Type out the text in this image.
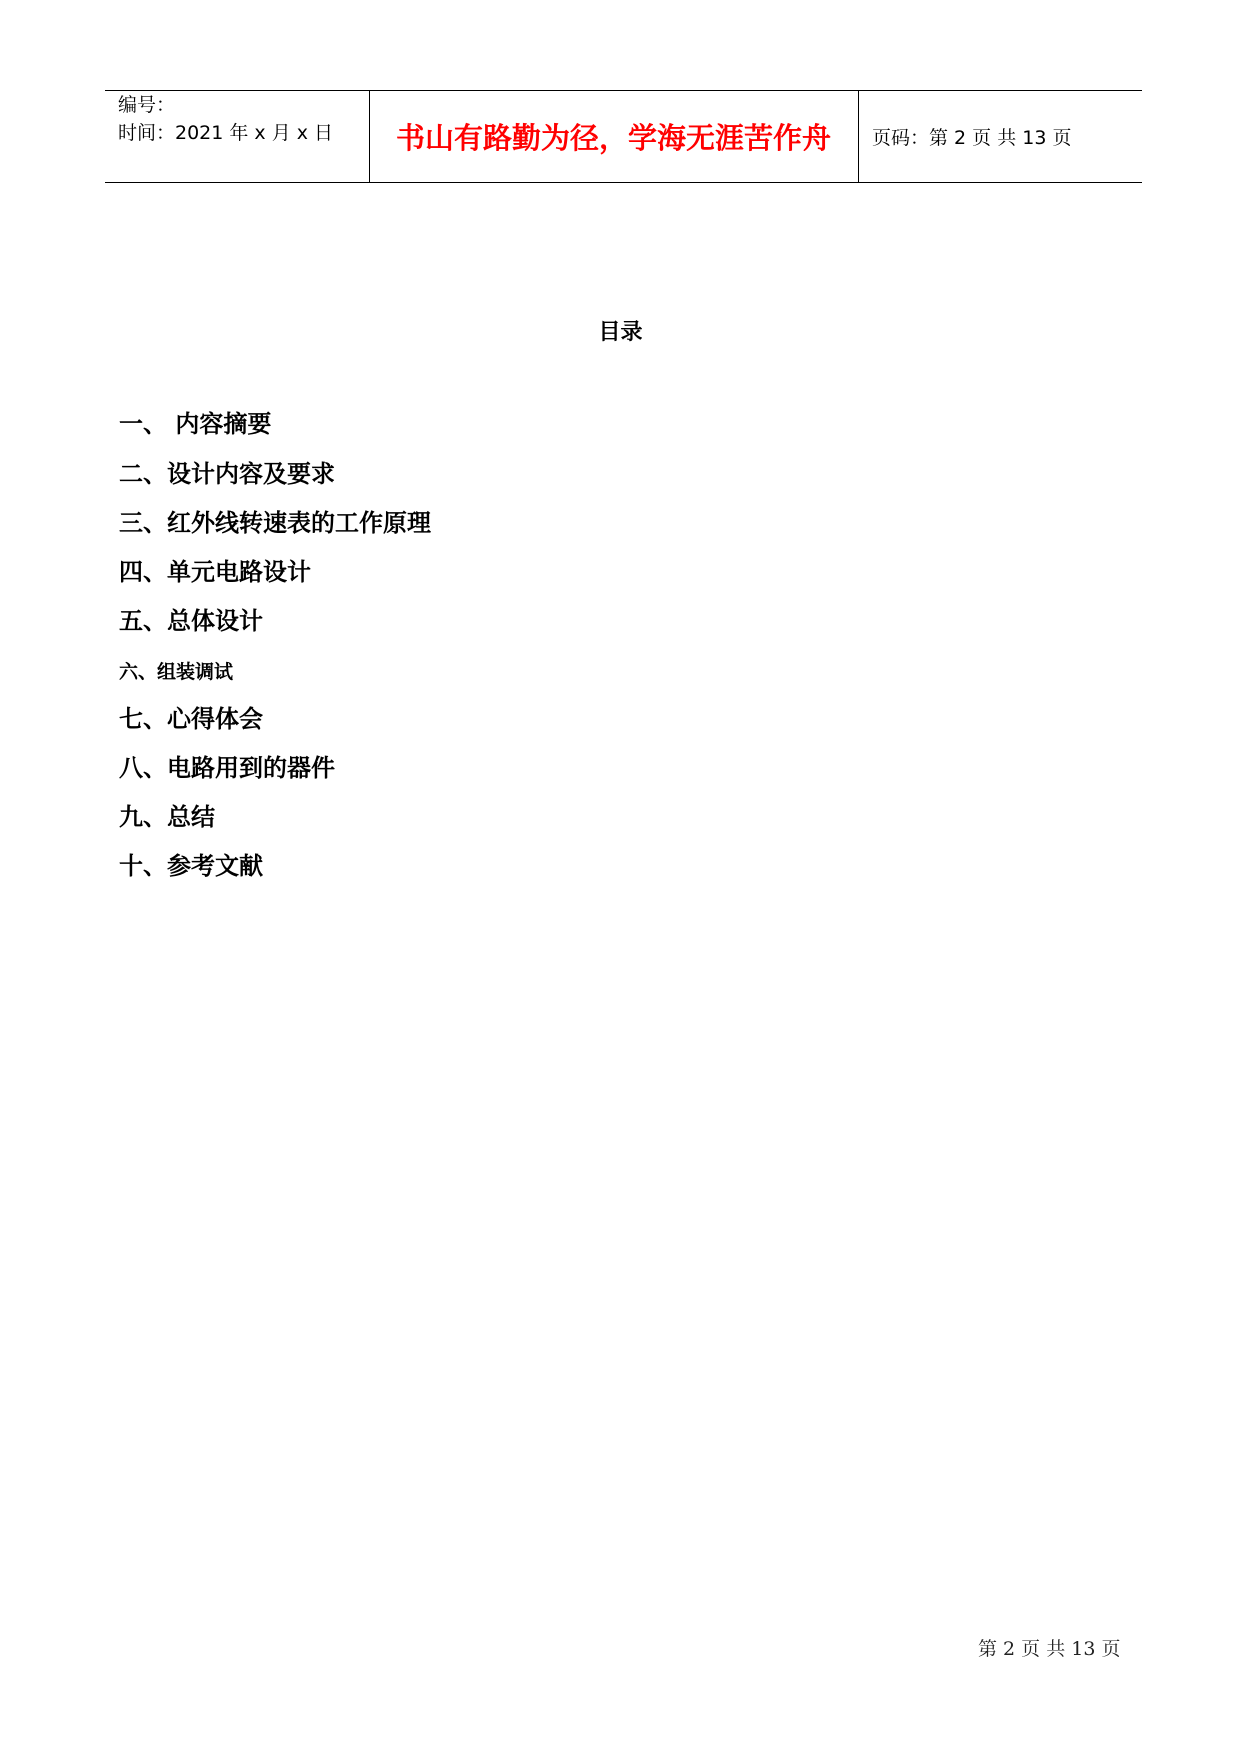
编号：
时间：2021 年 x 月 x 日 书山有路勤为径，学海无涯苦作舟 页码：第 2 页 共 13 页
目录
一、 内容摘要
二、设计内容及要求
三、红外线转速表的工作原理
四、单元电路设计
五、总体设计
六、组装调试
七、心得体会
八、电路用到的器件
九、总结
十、参考文献
第 2 页 共 13 页
